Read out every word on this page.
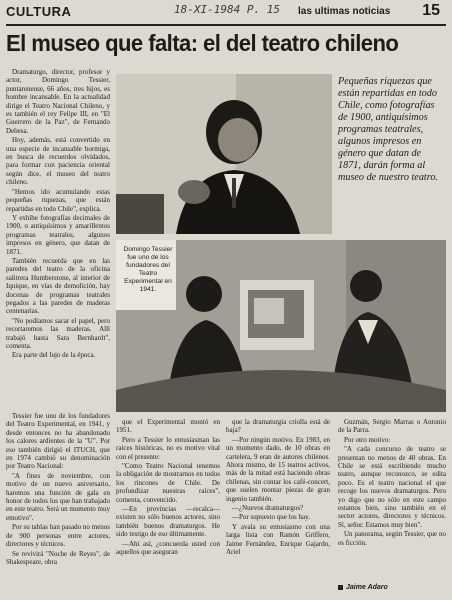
CULTURA	18-XI-1984 P. 15 las ultimas noticias 15
El museo que falta: el del teatro chileno

Dramaturgo, director, profesor y actor, Domingo Tessier, puntarenense, 66 años, tres hijos, es hombre incansable. En la actualidad dirige el Teatro Nacional Chileno, y es también el rey Felipe III, en "El Guerrero de la Paz", de Fernando Debesa.

Hoy, además, está convertido en una especie de incansable hormiga, en busca de recuerdos olvidados, para formar con paciencia oriental según dice, el museo del teatro chileno.

"Hemos ido acumulando estas pequeñas riquezas, que están repartidas en todo Chile", explica.

Y exhibe fotografías decimales de 1900, o antiquísimos y amarillentos programas teatrales, algunos impresos en género, que datan de 1871.

También recuerda que en las paredes del teatro de la oficina salitrera Humberstone, al interior de Iquique, en vías de demolición, hay docenas de programas teatrales pegados a las paredes de maderas centenarias.

"No podíamos sacar el papel, pero recortaremos las maderas. Allí trabajó hasta Sara Bernhardt", comenta.

Era parte del lujo de la época.

Pequeñas riquezas que están repartidas en todo Chile, como fotografías de 1900, antiquísimos programas teatrales, algunos impresos en género que datan de 1871, darán forma al museo de nuestro teatro.
Domingo Tessier fue uno de los fundadores del Teatro Experimental en 1941.

Tessier fue uno de los fundadores del Teatro Experimental, en 1941, y desde entonces no ha abandonado los calores ardientes de la "U". Por eso también dirigió el ITUCH, que en 1974 cambió su denominación por Teatro Nacional:

"A fines de noviembre, con motivo de un nuevo aniversario, haremos una función de gala en honor de todos los que han trabajado en este teatro. Será un momento muy emotivo".

Por su tablas han pasado no menos de 900 personas entre actores, directores y técnicos.

Se revivirá "Noche de Reyes", de Shakespeare, obra

que el Experimental montó en 1951.

Pero a Tessier lo entusiasman las raíces históricas, no es motivo vital con el presente:

"Como Teatro Nacional tenemos la obligación de mostrarnos en todos los rincones de Chile. De profundizar nuestras raíces", comenta, convencido.

—En provincias —recalca— existen no sólo buenos actores, sino también buenos dramaturgos. He sido testigo de eso últimamente.

—Ahí así, ¿concuerda usted con aquellos que aseguran

que la dramaturgia criolla está de baja?

—Por ningún motivo. En 1983, en un momento dado, de 10 obras en cartelera, 9 eran de autores chilenos. Ahora mismo, de 15 teatros activos, más de la mitad está haciendo obras chilenas, sin contar los café-concert, que suelen montar piezas de gran ingenio también.

—¿Nuevos dramaturgos?

—Por supuesto que los hay.

Y avala su entusiasmo con una larga lista con Ramón Griffero, Jaime Fernández, Enrique Gajardo, Ariel

Guzmán, Sergio Marras o Antonio de la Parra.

Por otro motivo:

"A cada concurso de teatro se presentan no menos de 40 obras. En Chile se está escribiendo mucho teatro, aunque reconozco, se edita poco. Es el teatro nacional el que recoge los nuevos dramaturgos. Pero yo digo que no sólo en este campo estamos bien, sino también en el sector actores, directores y técnicos. Sí, señor. Estamos muy bien".

Un panorama, según Tessier, que no es ficción.

Jaime Adaro
